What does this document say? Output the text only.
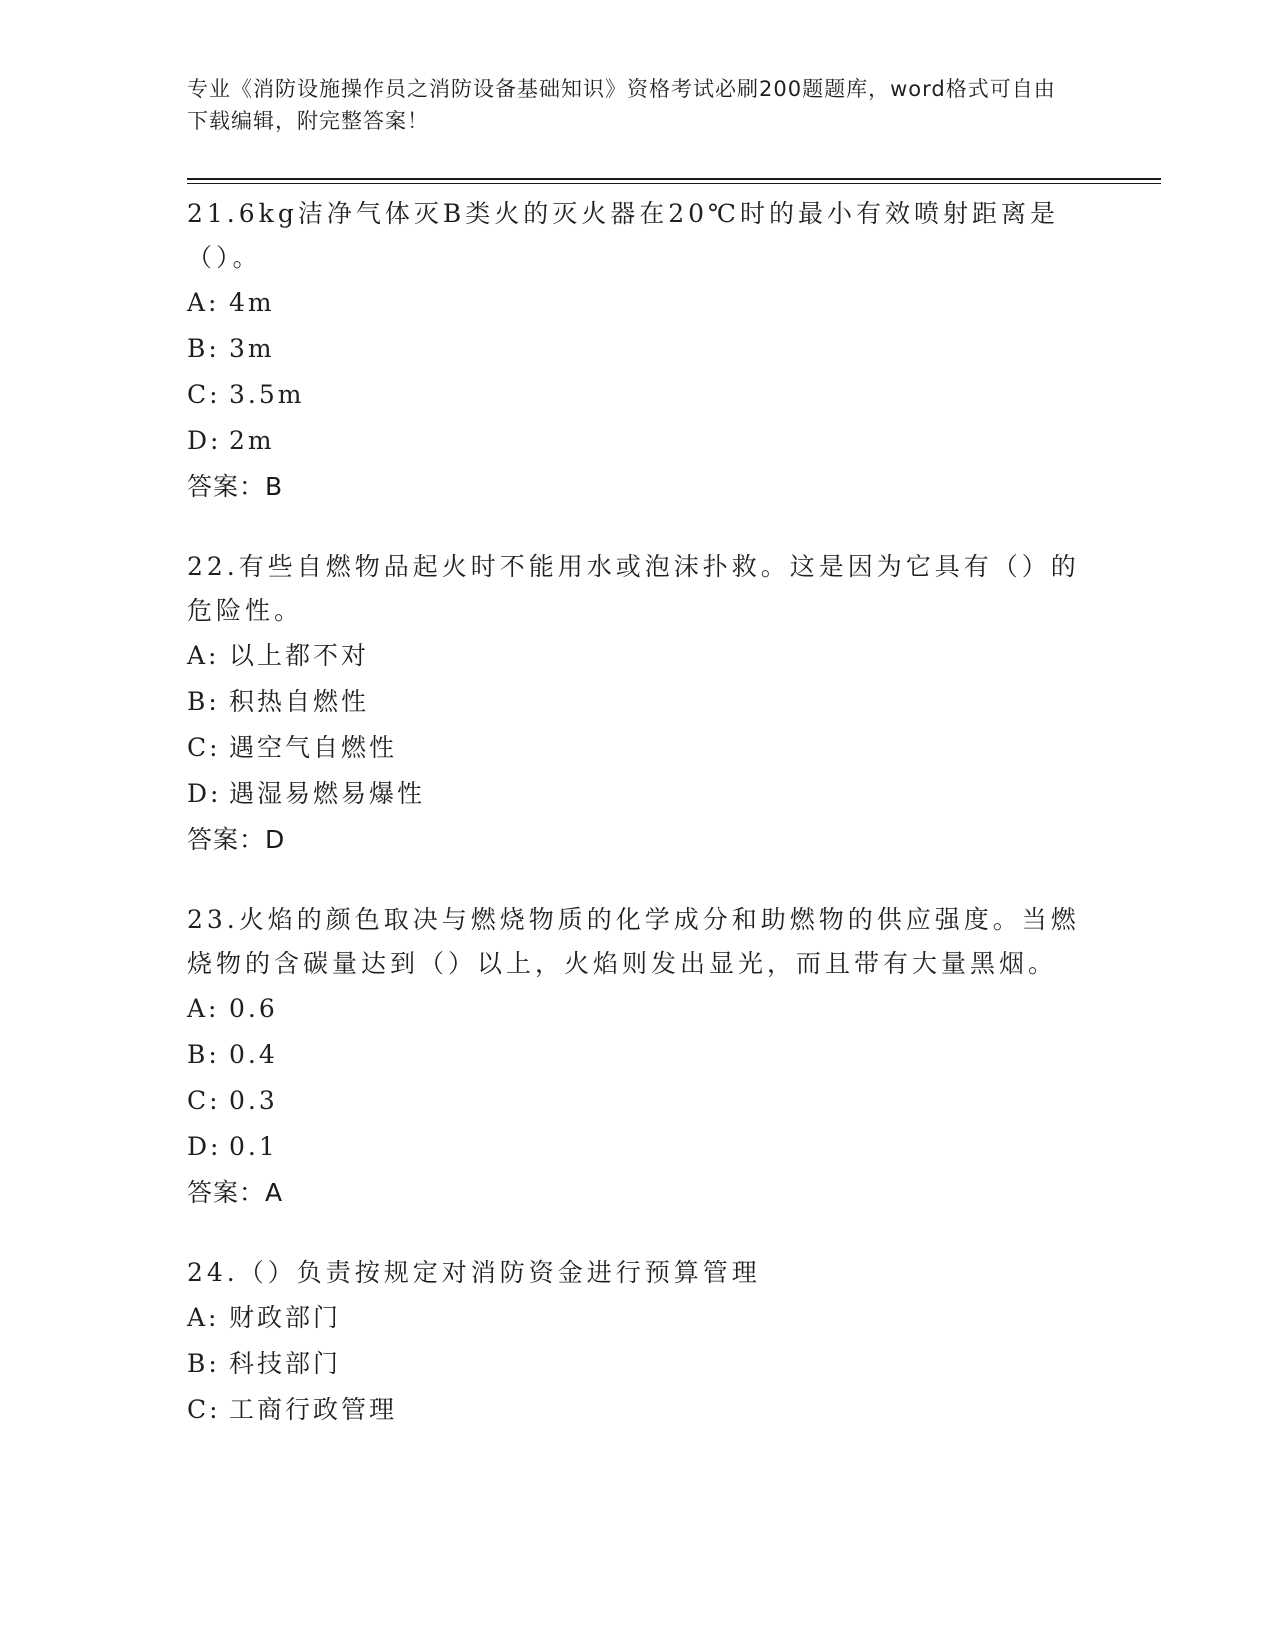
专业《消防设施操作员之消防设备基础知识》资格考试必刷200题题库，word格式可自由下载编辑，附完整答案！

21.6kg洁净气体灭B类火的灭火器在20℃时的最小有效喷射距离是（）。

A: 4m

B: 3m

C: 3.5m

D: 2m

答案：B

22.有些自燃物品起火时不能用水或泡沫扑救。这是因为它具有（）的危险性。

A: 以上都不对

B: 积热自燃性

C: 遇空气自燃性

D: 遇湿易燃易爆性

答案：D

23.火焰的颜色取决与燃烧物质的化学成分和助燃物的供应强度。当燃烧物的含碳量达到（）以上，火焰则发出显光，而且带有大量黑烟。

A: 0.6

B: 0.4

C: 0.3

D: 0.1

答案：A

24.（）负责按规定对消防资金进行预算管理

A: 财政部门

B: 科技部门

C: 工商行政管理
